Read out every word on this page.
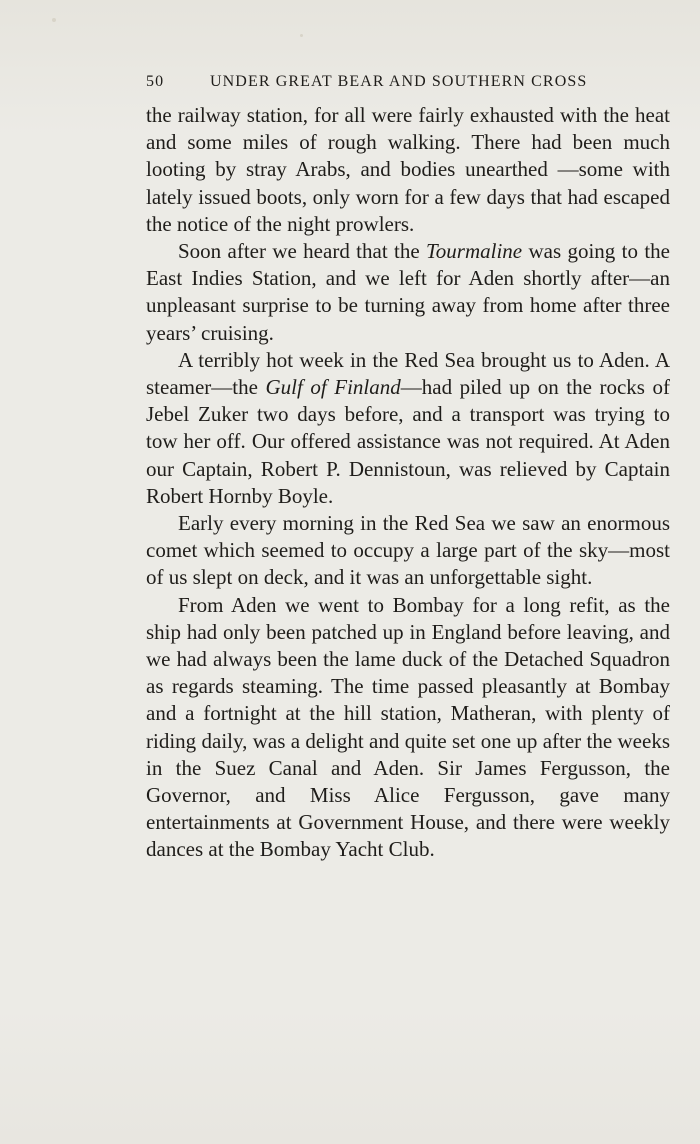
50	UNDER GREAT BEAR AND SOUTHERN CROSS

the railway station, for all were fairly exhausted with the heat and some miles of rough walking. There had been much looting by stray Arabs, and bodies unearthed —some with lately issued boots, only worn for a few days that had escaped the notice of the night prowlers.

Soon after we heard that the Tourmaline was going to the East Indies Station, and we left for Aden shortly after—an unpleasant surprise to be turning away from home after three years’ cruising.

A terribly hot week in the Red Sea brought us to Aden. A steamer—the Gulf of Finland—had piled up on the rocks of Jebel Zuker two days before, and a transport was trying to tow her off. Our offered assistance was not required. At Aden our Captain, Robert P. Dennistoun, was relieved by Captain Robert Hornby Boyle.

Early every morning in the Red Sea we saw an enormous comet which seemed to occupy a large part of the sky—most of us slept on deck, and it was an unforgettable sight.

From Aden we went to Bombay for a long refit, as the ship had only been patched up in England before leaving, and we had always been the lame duck of the Detached Squadron as regards steaming. The time passed pleasantly at Bombay and a fortnight at the hill station, Matheran, with plenty of riding daily, was a delight and quite set one up after the weeks in the Suez Canal and Aden. Sir James Fergusson, the Governor, and Miss Alice Fergusson, gave many entertainments at Government House, and there were weekly dances at the Bombay Yacht Club.
